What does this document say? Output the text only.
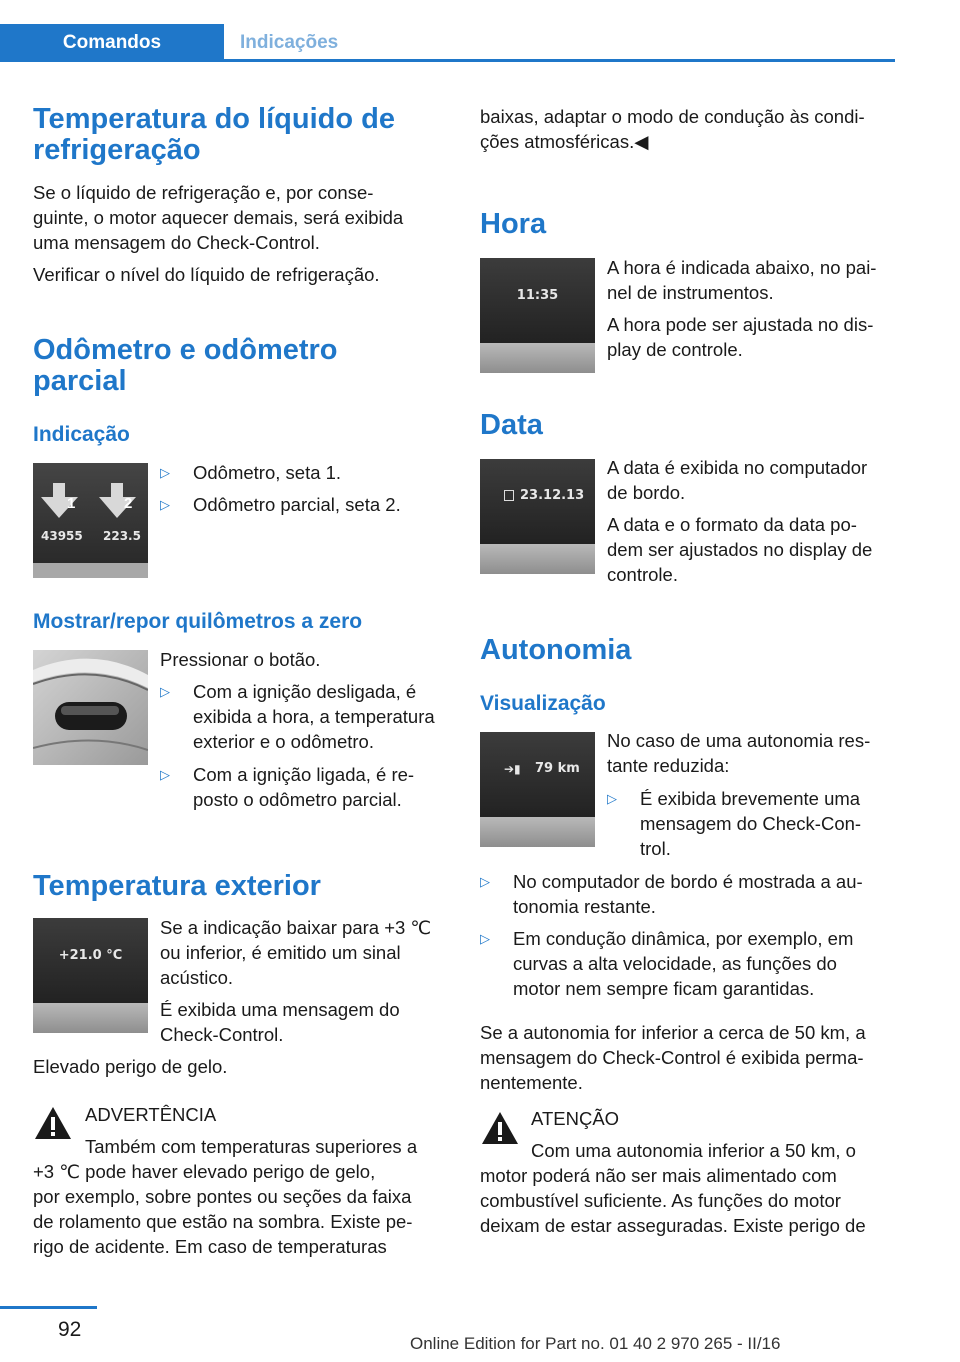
Comandos	Indicações
Temperatura do líquido de
refrigeração
Se o líquido de refrigeração e, por conse-
guinte, o motor aquecer demais, será exibida
uma mensagem do Check-Control.
Verificar o nível do líquido de refrigeração.
Odômetro e odômetro
parcial
Indicação
1	2
43955 223.5
▷ Odômetro, seta 1.
▷ Odômetro parcial, seta 2.
Mostrar/repor quilômetros a zero
Pressionar o botão.
▷ Com a ignição desligada, é
exibida a hora, a temperatura
exterior e o odômetro.
▷ Com a ignição ligada, é re-
posto o odômetro parcial.
Temperatura exterior
+21.0 °C
Se a indicação baixar para +3 ℃
ou inferior, é emitido um sinal
acústico.
É exibida uma mensagem do
Check-Control.
Elevado perigo de gelo.
ADVERTÊNCIA
Também com temperaturas superiores a
+3 ℃ pode haver elevado perigo de gelo,
por exemplo, sobre pontes ou seções da faixa
de rolamento que estão na sombra. Existe pe-
rigo de acidente. Em caso de temperaturas
baixas, adaptar o modo de condução às condi-
ções atmosféricas.◀
Hora
11:35
A hora é indicada abaixo, no pai-
nel de instrumentos.
A hora pode ser ajustada no dis-
play de controle.
Data
23.12.13
A data é exibida no computador
de bordo.
A data e o formato da data po-
dem ser ajustados no display de
controle.
Autonomia
Visualização
➔▮ 79 km
No caso de uma autonomia res-
tante reduzida:
▷ É exibida brevemente uma
mensagem do Check-Con-
trol.
▷ No computador de bordo é mostrada a au-
tonomia restante.
▷ Em condução dinâmica, por exemplo, em
curvas a alta velocidade, as funções do
motor nem sempre ficam garantidas.
Se a autonomia for inferior a cerca de 50 km, a
mensagem do Check-Control é exibida perma-
nentemente.
ATENÇÃO
Com uma autonomia inferior a 50 km, o
motor poderá não ser mais alimentado com
combustível suficiente. As funções do motor
deixam de estar asseguradas. Existe perigo de
92
Online Edition for Part no. 01 40 2 970 265 - II/16
